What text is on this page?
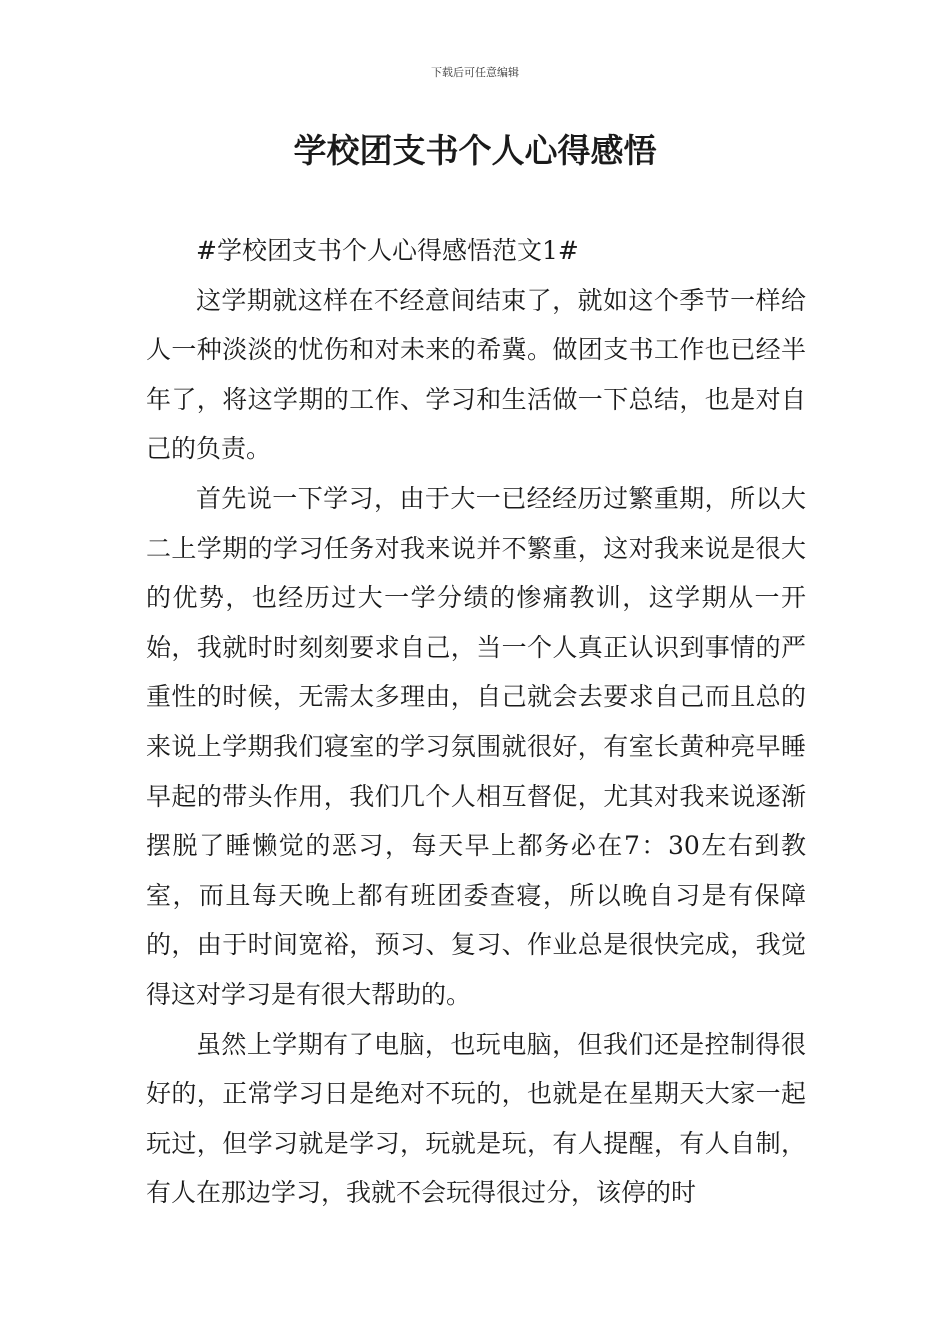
下载后可任意编辑
学校团支书个人心得感悟

#学校团支书个人心得感悟范文1#

这学期就这样在不经意间结束了，就如这个季节一样给人一种淡淡的忧伤和对未来的希冀。做团支书工作也已经半年了，将这学期的工作、学习和生活做一下总结，也是对自己的负责。

首先说一下学习，由于大一已经经历过繁重期，所以大二上学期的学习任务对我来说并不繁重，这对我来说是很大的优势，也经历过大一学分绩的惨痛教训，这学期从一开始，我就时时刻刻要求自己，当一个人真正认识到事情的严重性的时候，无需太多理由，自己就会去要求自己而且总的来说上学期我们寝室的学习氛围就很好，有室长黄种亮早睡早起的带头作用，我们几个人相互督促，尤其对我来说逐渐摆脱了睡懒觉的恶习，每天早上都务必在7：30左右到教室，而且每天晚上都有班团委查寝，所以晚自习是有保障的，由于时间宽裕，预习、复习、作业总是很快完成，我觉得这对学习是有很大帮助的。

虽然上学期有了电脑，也玩电脑，但我们还是控制得很好的，正常学习日是绝对不玩的，也就是在星期天大家一起玩过，但学习就是学习，玩就是玩，有人提醒，有人自制，有人在那边学习，我就不会玩得很过分，该停的时
